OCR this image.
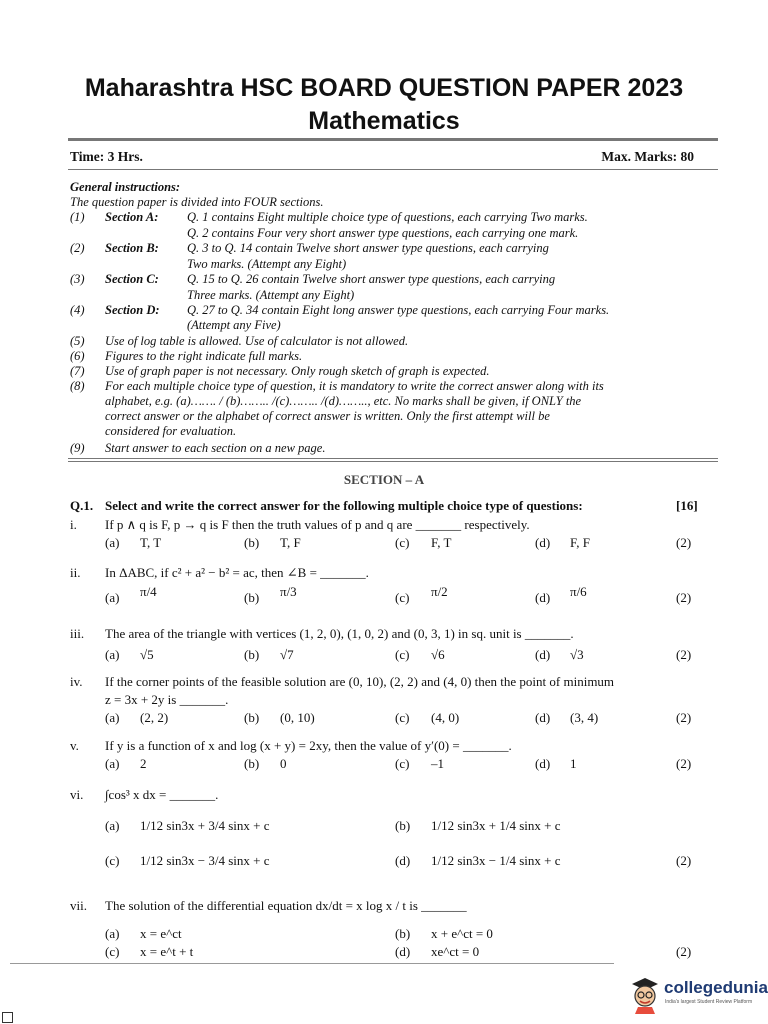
Maharashtra HSC BOARD QUESTION PAPER 2023
Mathematics
Time: 3 Hrs.	Max. Marks: 80
General instructions:
The question paper is divided into FOUR sections.
(1) Section A: Q. 1 contains Eight multiple choice type of questions, each carrying Two marks.
Q. 2 contains Four very short answer type questions, each carrying one mark.
(2) Section B: Q. 3 to Q. 14 contain Twelve short answer type questions, each carrying
Two marks. (Attempt any Eight)
(3) Section C: Q. 15 to Q. 26 contain Twelve short answer type questions, each carrying
Three marks. (Attempt any Eight)
(4) Section D: Q. 27 to Q. 34 contain Eight long answer type questions, each carrying Four marks.
(Attempt any Five)
(5) Use of log table is allowed. Use of calculator is not allowed.
(6) Figures to the right indicate full marks.
(7) Use of graph paper is not necessary. Only rough sketch of graph is expected.
(8) For each multiple choice type of question, it is mandatory to write the correct answer along with its
alphabet, e.g. (a)……. / (b)…….. /(c)…….. /(d)…….., etc. No marks shall be given, if ONLY the
correct answer or the alphabet of correct answer is written. Only the first attempt will be
considered for evaluation.
(9) Start answer to each section on a new page.
SECTION – A
Q.1. Select and write the correct answer for the following multiple choice type of questions:	[16]
i. If p ∧ q is F, p → q is F then the truth values of p and q are _______ respectively.
(a) T, T	(b) T, F	(c) F, T	(d) F, F	(2)
ii. In ΔABC, if c² + a² − b² = ac, then ∠B = _______.
(a) π/4	(b) π/3	(c) π/2	(d) π/6	(2)
iii. The area of the triangle with vertices (1, 2, 0), (1, 0, 2) and (0, 3, 1) in sq. unit is _______.
(a) √5	(b) √7	(c) √6	(d) √3	(2)
iv. If the corner points of the feasible solution are (0, 10), (2, 2) and (4, 0) then the point of minimum
z = 3x + 2y is _______.
(a) (2, 2)	(b) (0, 10)	(c) (4, 0)	(d) (3, 4)	(2)
v. If y is a function of x and log (x + y) = 2xy, then the value of y′(0) = _______.
(a) 2	(b) 0	(c) –1	(d) 1	(2)
vi. ∫cos³ x dx = _______.
(a) 1/12 sin3x + 3/4 sinx + c	(b) 1/12 sin3x + 1/4 sinx + c
(c) 1/12 sin3x − 3/4 sinx + c	(d) 1/12 sin3x − 1/4 sinx + c	(2)
vii. The solution of the differential equation dx/dt = x log x / t is _______
(a) x = e^ct	(b) x + e^ct = 0
(c) x = e^t + t	(d) xe^ct = 0	(2)
collegedunia
India's largest Student Review Platform
